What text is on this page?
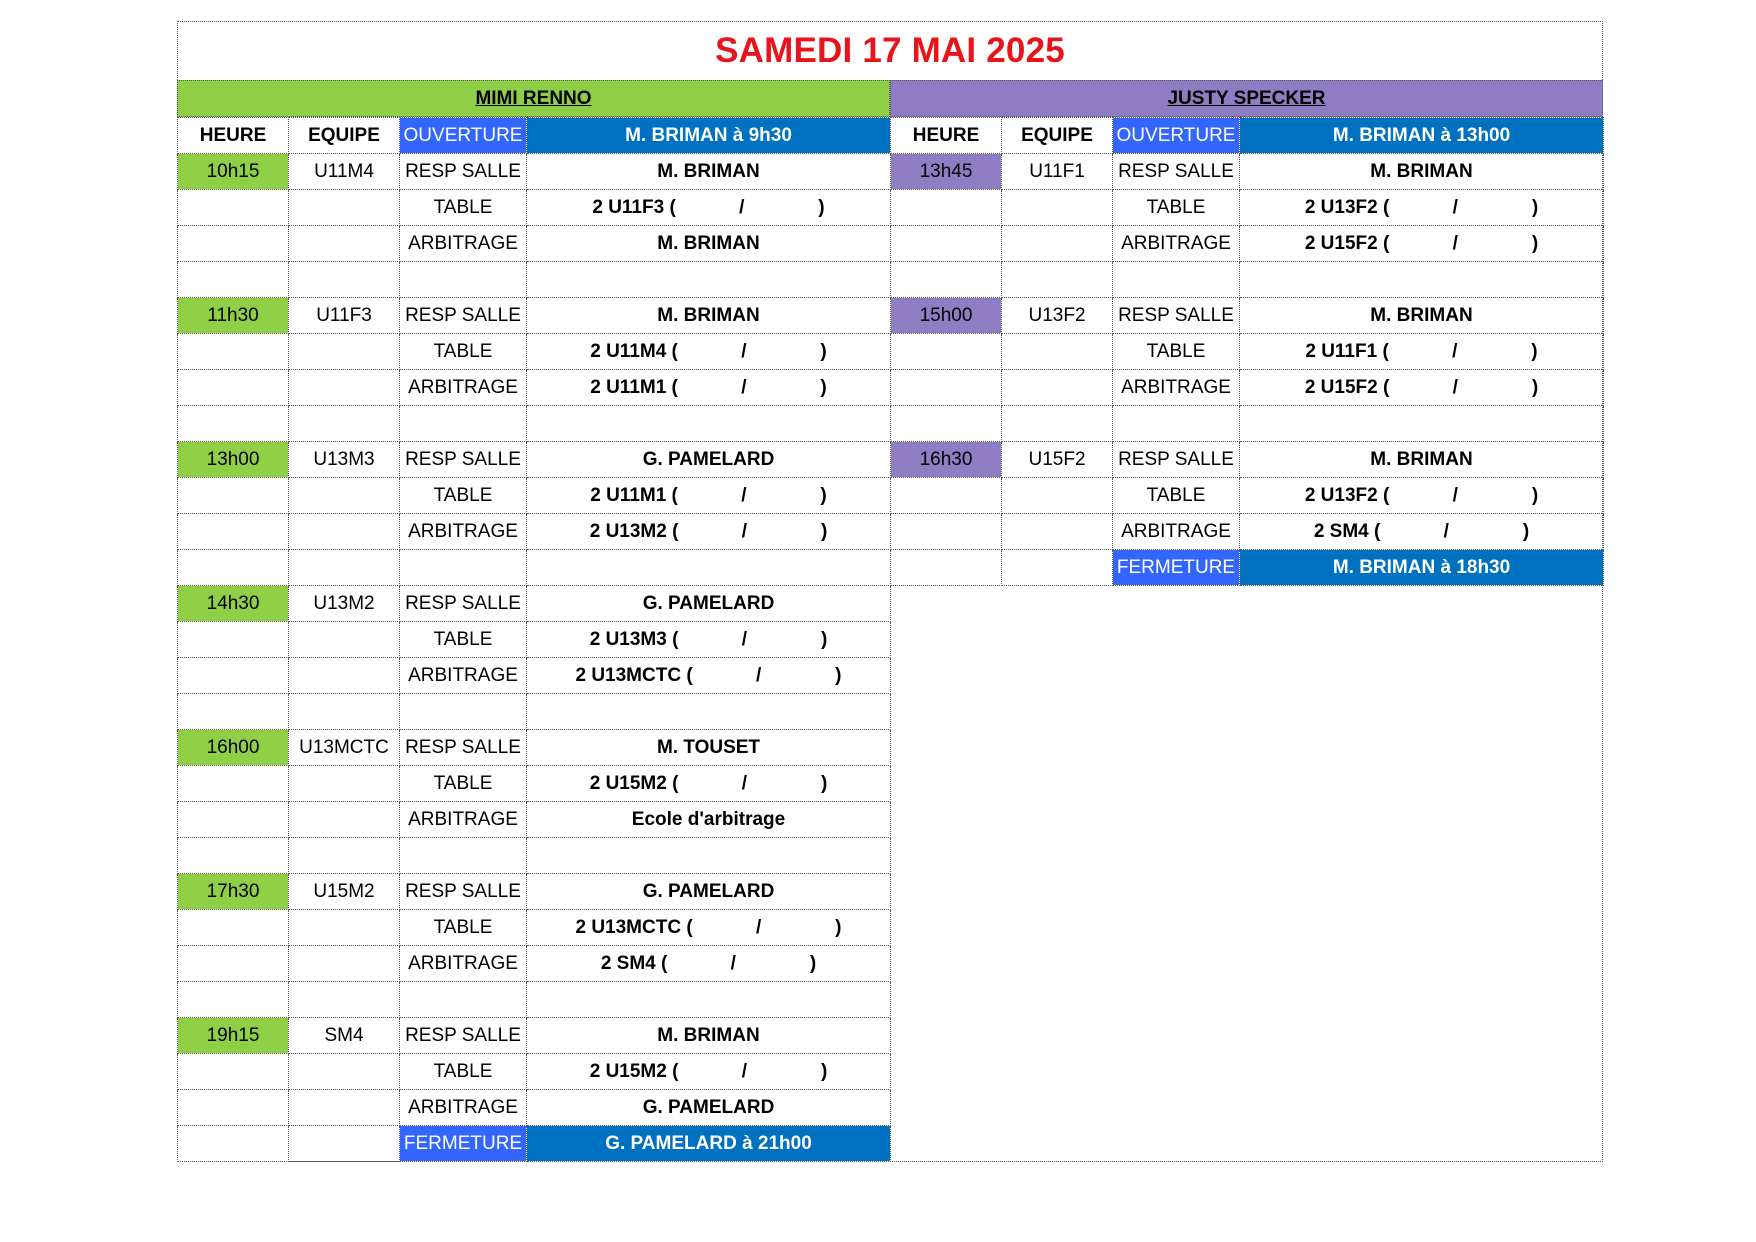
SAMEDI 17 MAI 2025
MIMI RENNO	JUSTY SPECKER
HEURE	EQUIPE	OUVERTURE	M. BRIMAN à 9h30
10h15	U11M4	RESP SALLE	M. BRIMAN
		TABLE	2 U11F3 (            /              )
		ARBITRAGE	M. BRIMAN

11h30	U11F3	RESP SALLE	M. BRIMAN
		TABLE	2 U11M4 (            /              )
		ARBITRAGE	2 U11M1 (            /              )

13h00	U13M3	RESP SALLE	G. PAMELARD
		TABLE	2 U11M1 (            /              )
		ARBITRAGE	2 U13M2 (            /              )

14h30	U13M2	RESP SALLE	G. PAMELARD
		TABLE	2 U13M3 (            /              )
		ARBITRAGE	2 U13MCTC (            /              )

16h00	U13MCTC	RESP SALLE	M. TOUSET
		TABLE	2 U15M2 (            /              )
		ARBITRAGE	Ecole d'arbitrage

17h30	U15M2	RESP SALLE	G. PAMELARD
		TABLE	2 U13MCTC (            /              )
		ARBITRAGE	2 SM4 (            /              )

19h15	SM4	RESP SALLE	M. BRIMAN
		TABLE	2 U15M2 (            /              )
		ARBITRAGE	G. PAMELARD
		FERMETURE	G. PAMELARD à 21h00
HEURE	EQUIPE	OUVERTURE	M. BRIMAN à 13h00
13h45	U11F1	RESP SALLE	M. BRIMAN
		TABLE	2 U13F2 (            /              )
		ARBITRAGE	2 U15F2 (            /              )

15h00	U13F2	RESP SALLE	M. BRIMAN
		TABLE	2 U11F1 (            /              )
		ARBITRAGE	2 U15F2 (            /              )

16h30	U15F2	RESP SALLE	M. BRIMAN
		TABLE	2 U13F2 (            /              )
		ARBITRAGE	2 SM4 (            /              )
		FERMETURE	M. BRIMAN à 18h30
